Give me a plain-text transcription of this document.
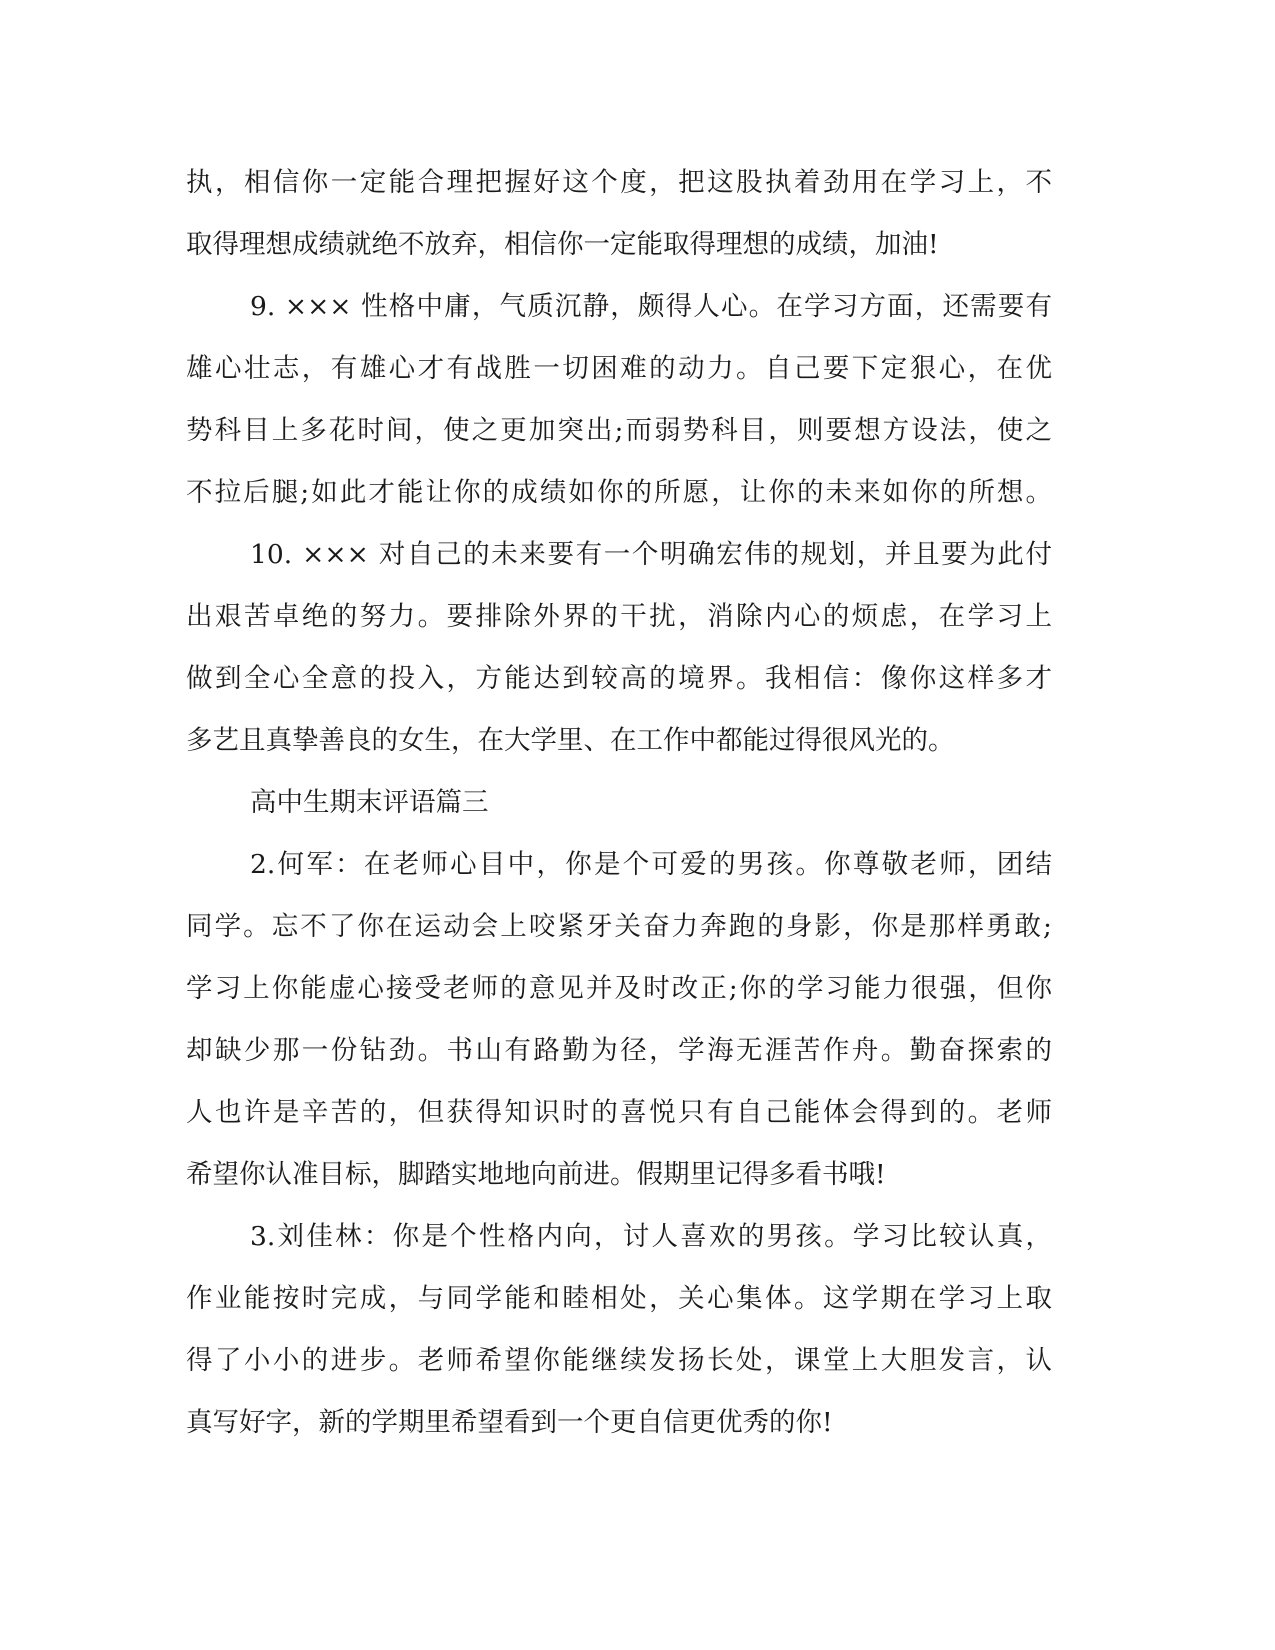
执，相信你一定能合理把握好这个度，把这股执着劲用在学习上，不
取得理想成绩就绝不放弃，相信你一定能取得理想的成绩，加油!
9. ××× 性格中庸，气质沉静，颇得人心。在学习方面，还需要有
雄心壮志，有雄心才有战胜一切困难的动力。自己要下定狠心，在优
势科目上多花时间，使之更加突出;而弱势科目，则要想方设法，使之
不拉后腿;如此才能让你的成绩如你的所愿，让你的未来如你的所想。
10. ××× 对自己的未来要有一个明确宏伟的规划，并且要为此付
出艰苦卓绝的努力。要排除外界的干扰，消除内心的烦虑，在学习上
做到全心全意的投入，方能达到较高的境界。我相信：像你这样多才
多艺且真挚善良的女生，在大学里、在工作中都能过得很风光的。
高中生期末评语篇三
2.何军：在老师心目中，你是个可爱的男孩。你尊敬老师，团结
同学。忘不了你在运动会上咬紧牙关奋力奔跑的身影，你是那样勇敢;
学习上你能虚心接受老师的意见并及时改正;你的学习能力很强，但你
却缺少那一份钻劲。书山有路勤为径，学海无涯苦作舟。勤奋探索的
人也许是辛苦的，但获得知识时的喜悦只有自己能体会得到的。老师
希望你认准目标，脚踏实地地向前进。假期里记得多看书哦!
3.刘佳林：你是个性格内向，讨人喜欢的男孩。学习比较认真，
作业能按时完成，与同学能和睦相处，关心集体。这学期在学习上取
得了小小的进步。老师希望你能继续发扬长处，课堂上大胆发言，认
真写好字，新的学期里希望看到一个更自信更优秀的你!
